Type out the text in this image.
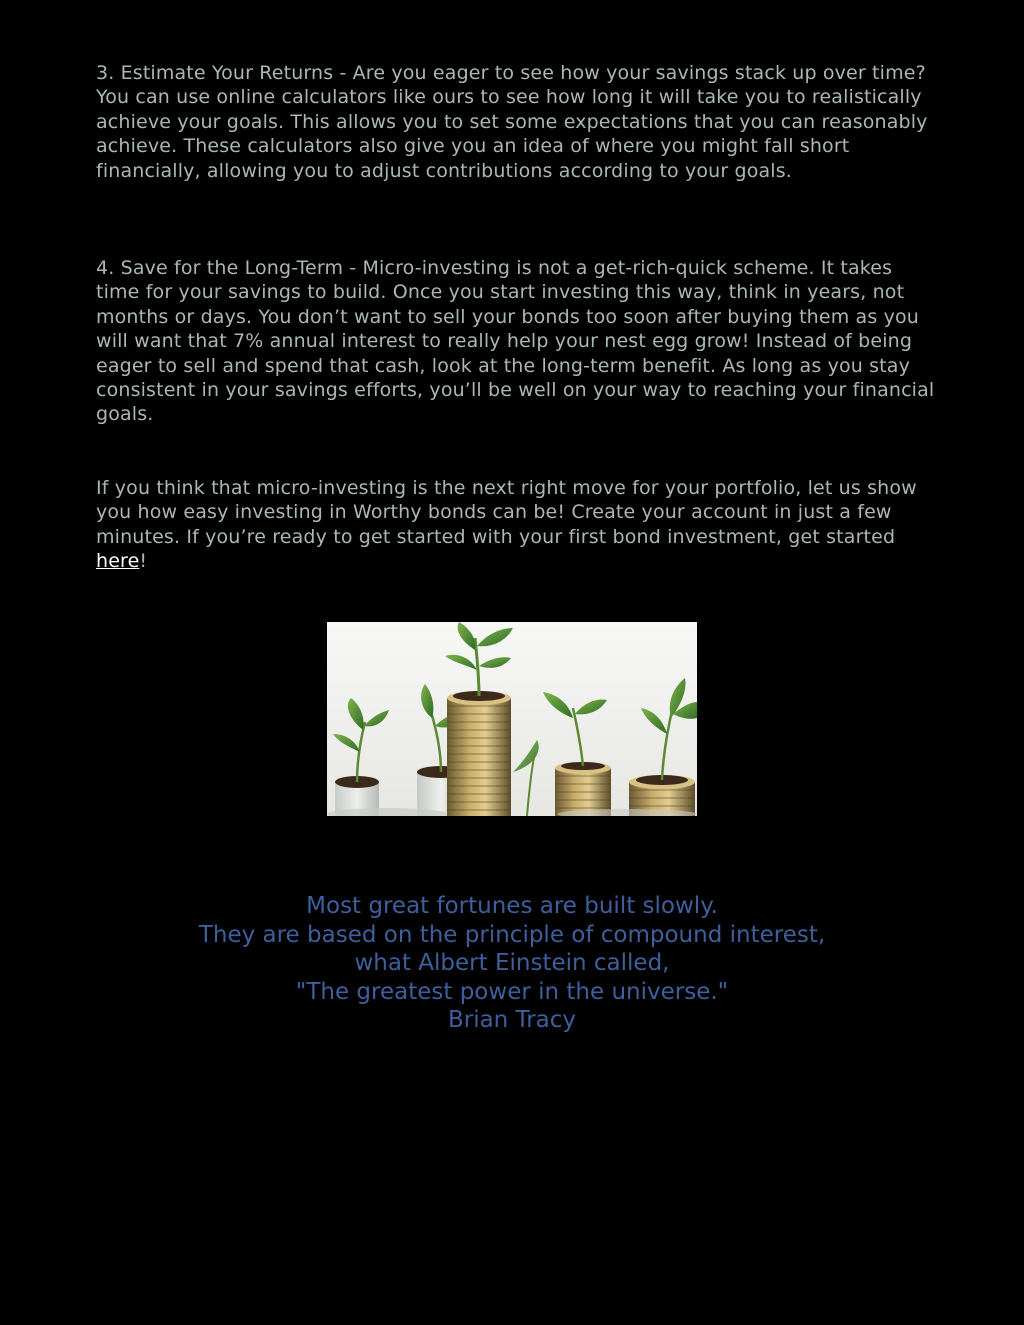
3. Estimate Your Returns - Are you eager to see how your savings stack up over time? You can use online calculators like ours to see how long it will take you to realistically achieve your goals. This allows you to set some expectations that you can reasonably achieve. These calculators also give you an idea of where you might fall short financially, allowing you to adjust contributions according to your goals.

4. Save for the Long-Term - Micro-investing is not a get-rich-quick scheme. It takes time for your savings to build. Once you start investing this way, think in years, not months or days. You don’t want to sell your bonds too soon after buying them as you will want that 7% annual interest to really help your nest egg grow! Instead of being eager to sell and spend that cash, look at the long-term benefit. As long as you stay consistent in your savings efforts, you’ll be well on your way to reaching your financial goals.

If you think that micro-investing is the next right move for your portfolio, let us show you how easy investing in Worthy bonds can be! Create your account in just a few minutes. If you’re ready to get started with your first bond investment, get started here!

Most great fortunes are built slowly.
They are based on the principle of compound interest,
what Albert Einstein called,
"The greatest power in the universe."
Brian Tracy
